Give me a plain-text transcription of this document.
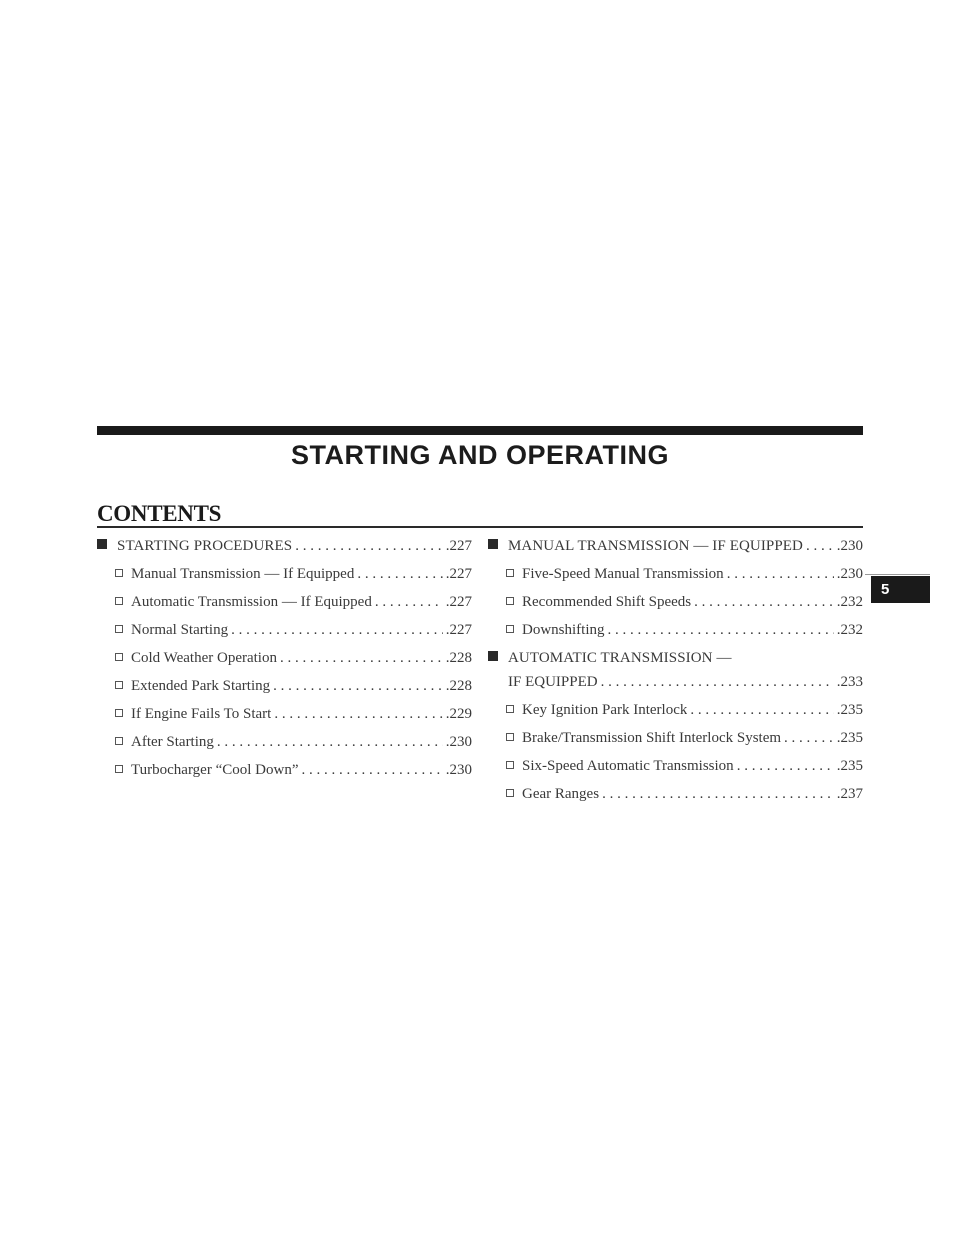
STARTING AND OPERATING
CONTENTS
STARTING PROCEDURES . . .	.227
Manual Transmission — If Equipped . . .	.227
Automatic Transmission — If Equipped . . .	.227
Normal Starting . . .	.227
Cold Weather Operation . . .	.228
Extended Park Starting . . .	.228
If Engine Fails To Start . . .	.229
After Starting . . .	.230
Turbocharger “Cool Down” . . .	.230
MANUAL TRANSMISSION — IF EQUIPPED . . . .230
Five-Speed Manual Transmission . . .	.230
Recommended Shift Speeds . . .	.232
Downshifting . . .	.232
AUTOMATIC TRANSMISSION —
IF EQUIPPED . . .	.233
Key Ignition Park Interlock . . .	.235
Brake/Transmission Shift Interlock System . . .	.235
Six-Speed Automatic Transmission . . .	.235
Gear Ranges . . .	.237
5
